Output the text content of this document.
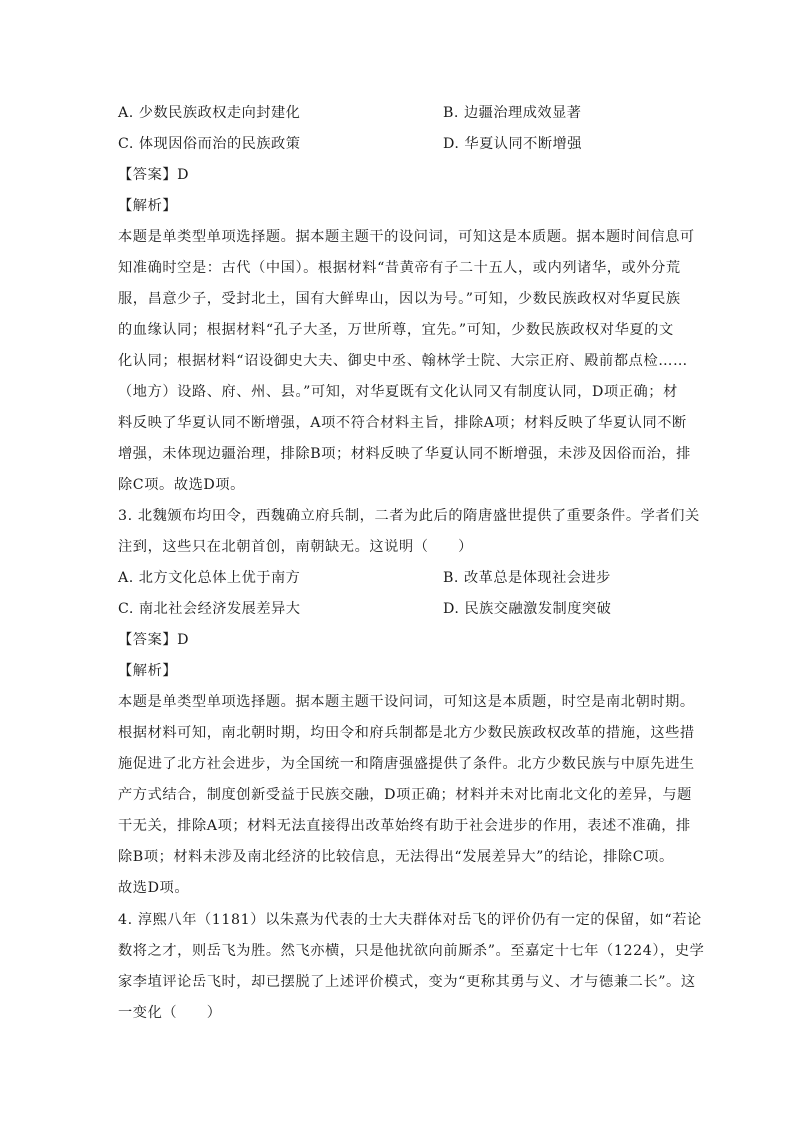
A. 少数民族政权走向封建化	B. 边疆治理成效显著
C. 体现因俗而治的民族政策	D. 华夏认同不断增强
【答案】D
【解析】
本题是单类型单项选择题。据本题主题干的设问词，可知这是本质题。据本题时间信息可
知准确时空是：古代（中国）。根据材料“昔黄帝有子二十五人，或内列诸华，或外分荒
服，昌意少子，受封北土，国有大鲜卑山，因以为号。”可知，少数民族政权对华夏民族
的血缘认同；根据材料“孔子大圣，万世所尊，宜先。”可知，少数民族政权对华夏的文
化认同；根据材料“诏设御史大夫、御史中丞、翰林学士院、大宗正府、殿前都点检……
（地方）设路、府、州、县。”可知，对华夏既有文化认同又有制度认同，D项正确；材
料反映了华夏认同不断增强，A项不符合材料主旨，排除A项；材料反映了华夏认同不断
增强，未体现边疆治理，排除B项；材料反映了华夏认同不断增强，未涉及因俗而治，排
除C项。故选D项。
3. 北魏颁布均田令，西魏确立府兵制，二者为此后的隋唐盛世提供了重要条件。学者们关
注到，这些只在北朝首创，南朝缺无。这说明（　　）
A. 北方文化总体上优于南方	B. 改革总是体现社会进步
C. 南北社会经济发展差异大	D. 民族交融激发制度突破
【答案】D
【解析】
本题是单类型单项选择题。据本题主题干设问词，可知这是本质题，时空是南北朝时期。
根据材料可知，南北朝时期，均田令和府兵制都是北方少数民族政权改革的措施，这些措
施促进了北方社会进步，为全国统一和隋唐强盛提供了条件。北方少数民族与中原先进生
产方式结合，制度创新受益于民族交融，D项正确；材料并未对比南北文化的差异，与题
干无关，排除A项；材料无法直接得出改革始终有助于社会进步的作用，表述不准确，排
除B项；材料未涉及南北经济的比较信息，无法得出“发展差异大”的结论，排除C项。
故选D项。
4. 淳熙八年（1181）以朱熹为代表的士大夫群体对岳飞的评价仍有一定的保留，如“若论
数将之才，则岳飞为胜。然飞亦横，只是他扰欲向前厮杀”。至嘉定十七年（1224），史学
家李埴评论岳飞时，却已摆脱了上述评价模式，变为“更称其勇与义、才与德兼二长”。这
一变化（　　）
